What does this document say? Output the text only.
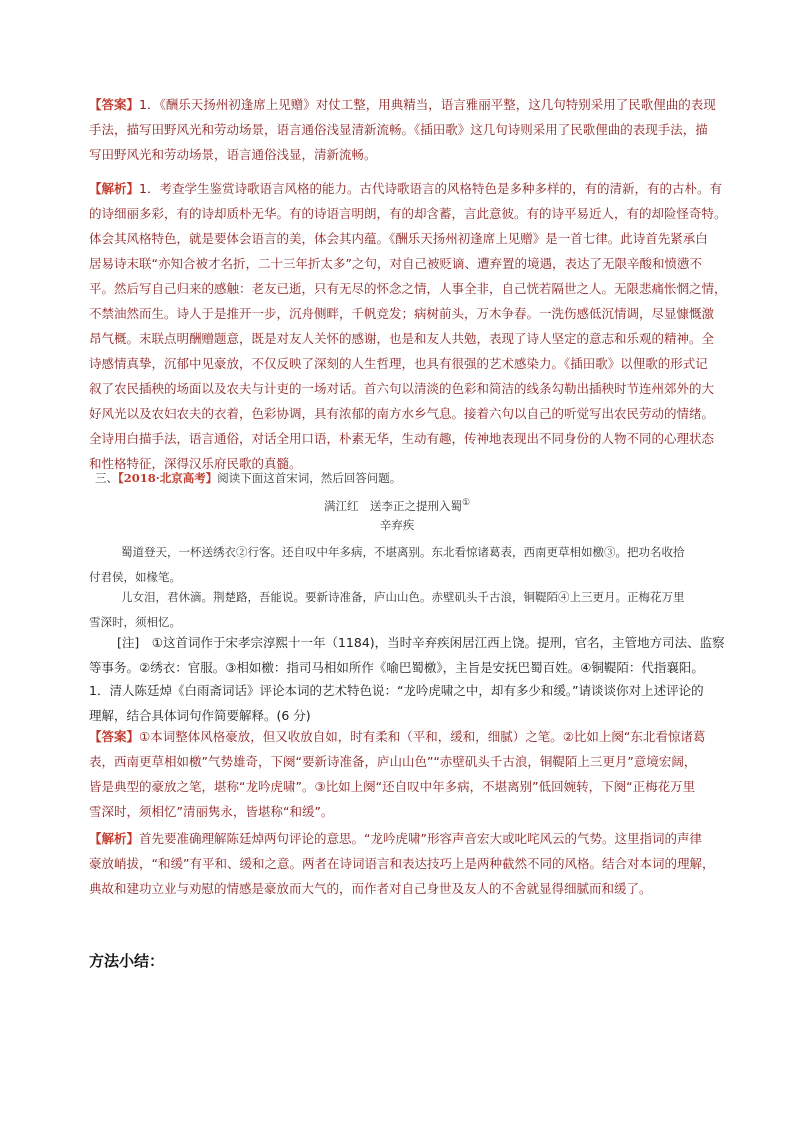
【答案】1．《酬乐天扬州初逢席上见赠》对仗工整，用典精当，语言雅丽平整，这几句特别采用了民歌俚曲的表现
手法，描写田野风光和劳动场景，语言通俗浅显清新流畅。《插田歌》这几句诗则采用了民歌俚曲的表现手法，描
写田野风光和劳动场景，语言通俗浅显，清新流畅。
【解析】1．考查学生鉴赏诗歌语言风格的能力。古代诗歌语言的风格特色是多种多样的，有的清新，有的古朴。有
的诗细丽多彩，有的诗却质朴无华。有的诗语言明朗，有的却含蓄，言此意彼。有的诗平易近人，有的却险怪奇特。
体会其风格特色，就是要体会语言的美，体会其内蕴。《酬乐天扬州初逢席上见赠》是一首七律。此诗首先紧承白
居易诗末联“亦知合被才名折，二十三年折太多”之句，对自己被贬谪、遭弃置的境遇，表达了无限辛酸和愤懑不
平。然后写自己归来的感触：老友已逝，只有无尽的怀念之情，人事全非，自己恍若隔世之人。无限悲痛怅惘之情，
不禁油然而生。诗人于是推开一步，沉舟侧畔，千帆竞发；病树前头，万木争春。一洗伤感低沉情调，尽显慷慨激
昂气概。末联点明酬赠题意，既是对友人关怀的感谢，也是和友人共勉，表现了诗人坚定的意志和乐观的精神。全
诗感情真挚，沉郁中见豪放，不仅反映了深刻的人生哲理，也具有很强的艺术感染力。《插田歌》以俚歌的形式记
叙了农民插秧的场面以及农夫与计吏的一场对话。首六句以清淡的色彩和简洁的线条勾勒出插秧时节连州郊外的大
好风光以及农妇农夫的衣着，色彩协调，具有浓郁的南方水乡气息。接着六句以自己的听觉写出农民劳动的情绪。
全诗用白描手法，语言通俗，对话全用口语，朴素无华，生动有趣，传神地表现出不同身份的人物不同的心理状态
和性格特征，深得汉乐府民歌的真髓。
三、【2018·北京高考】阅读下面这首宋词，然后回答问题。
满江红　送李正之提刑入蜀①
辛弃疾
蜀道登天，一杯送绣衣②行客。还自叹中年多病，不堪离别。东北看惊诸葛表，西南更草相如檄③。把功名收拾
付君侯，如椽笔。
儿女泪，君休滴。荆楚路，吾能说。要新诗准备，庐山山色。赤壁矶头千古浪，铜鞮陌④上三更月。正梅花万里
雪深时，须相忆。
[注]　①这首词作于宋孝宗淳熙十一年（1184)，当时辛弃疾闲居江西上饶。提刑，官名，主管地方司法、监察
等事务。②绣衣：官服。③相如檄：指司马相如所作《喻巴蜀檄》，主旨是安抚巴蜀百姓。④铜鞮陌：代指襄阳。
1．清人陈廷焯《白雨斋词话》评论本词的艺术特色说：“龙吟虎啸之中，却有多少和缓。”请谈谈你对上述评论的
理解，结合具体词句作简要解释。(6 分)
【答案】①本词整体风格豪放，但又收放自如，时有柔和（平和，缓和，细腻）之笔。②比如上阕“东北看惊诸葛
表，西南更草相如檄”气势雄奇，下阕“要新诗准备，庐山山色”“赤壁矶头千古浪，铜鞮陌上三更月”意境宏阔，
皆是典型的豪放之笔，堪称“龙吟虎啸”。③比如上阕“还自叹中年多病，不堪离别”低回婉转，下阕“正梅花万里
雪深时，须相忆”清丽隽永，皆堪称“和缓”。
【解析】首先要准确理解陈廷焯两句评论的意思。“龙吟虎啸”形容声音宏大或叱咤风云的气势。这里指词的声律
豪放峭拔，“和缓”有平和、缓和之意。两者在诗词语言和表达技巧上是两种截然不同的风格。结合对本词的理解，
典故和建功立业与劝慰的情感是豪放而大气的，而作者对自己身世及友人的不舍就显得细腻而和缓了。
方法小结：
